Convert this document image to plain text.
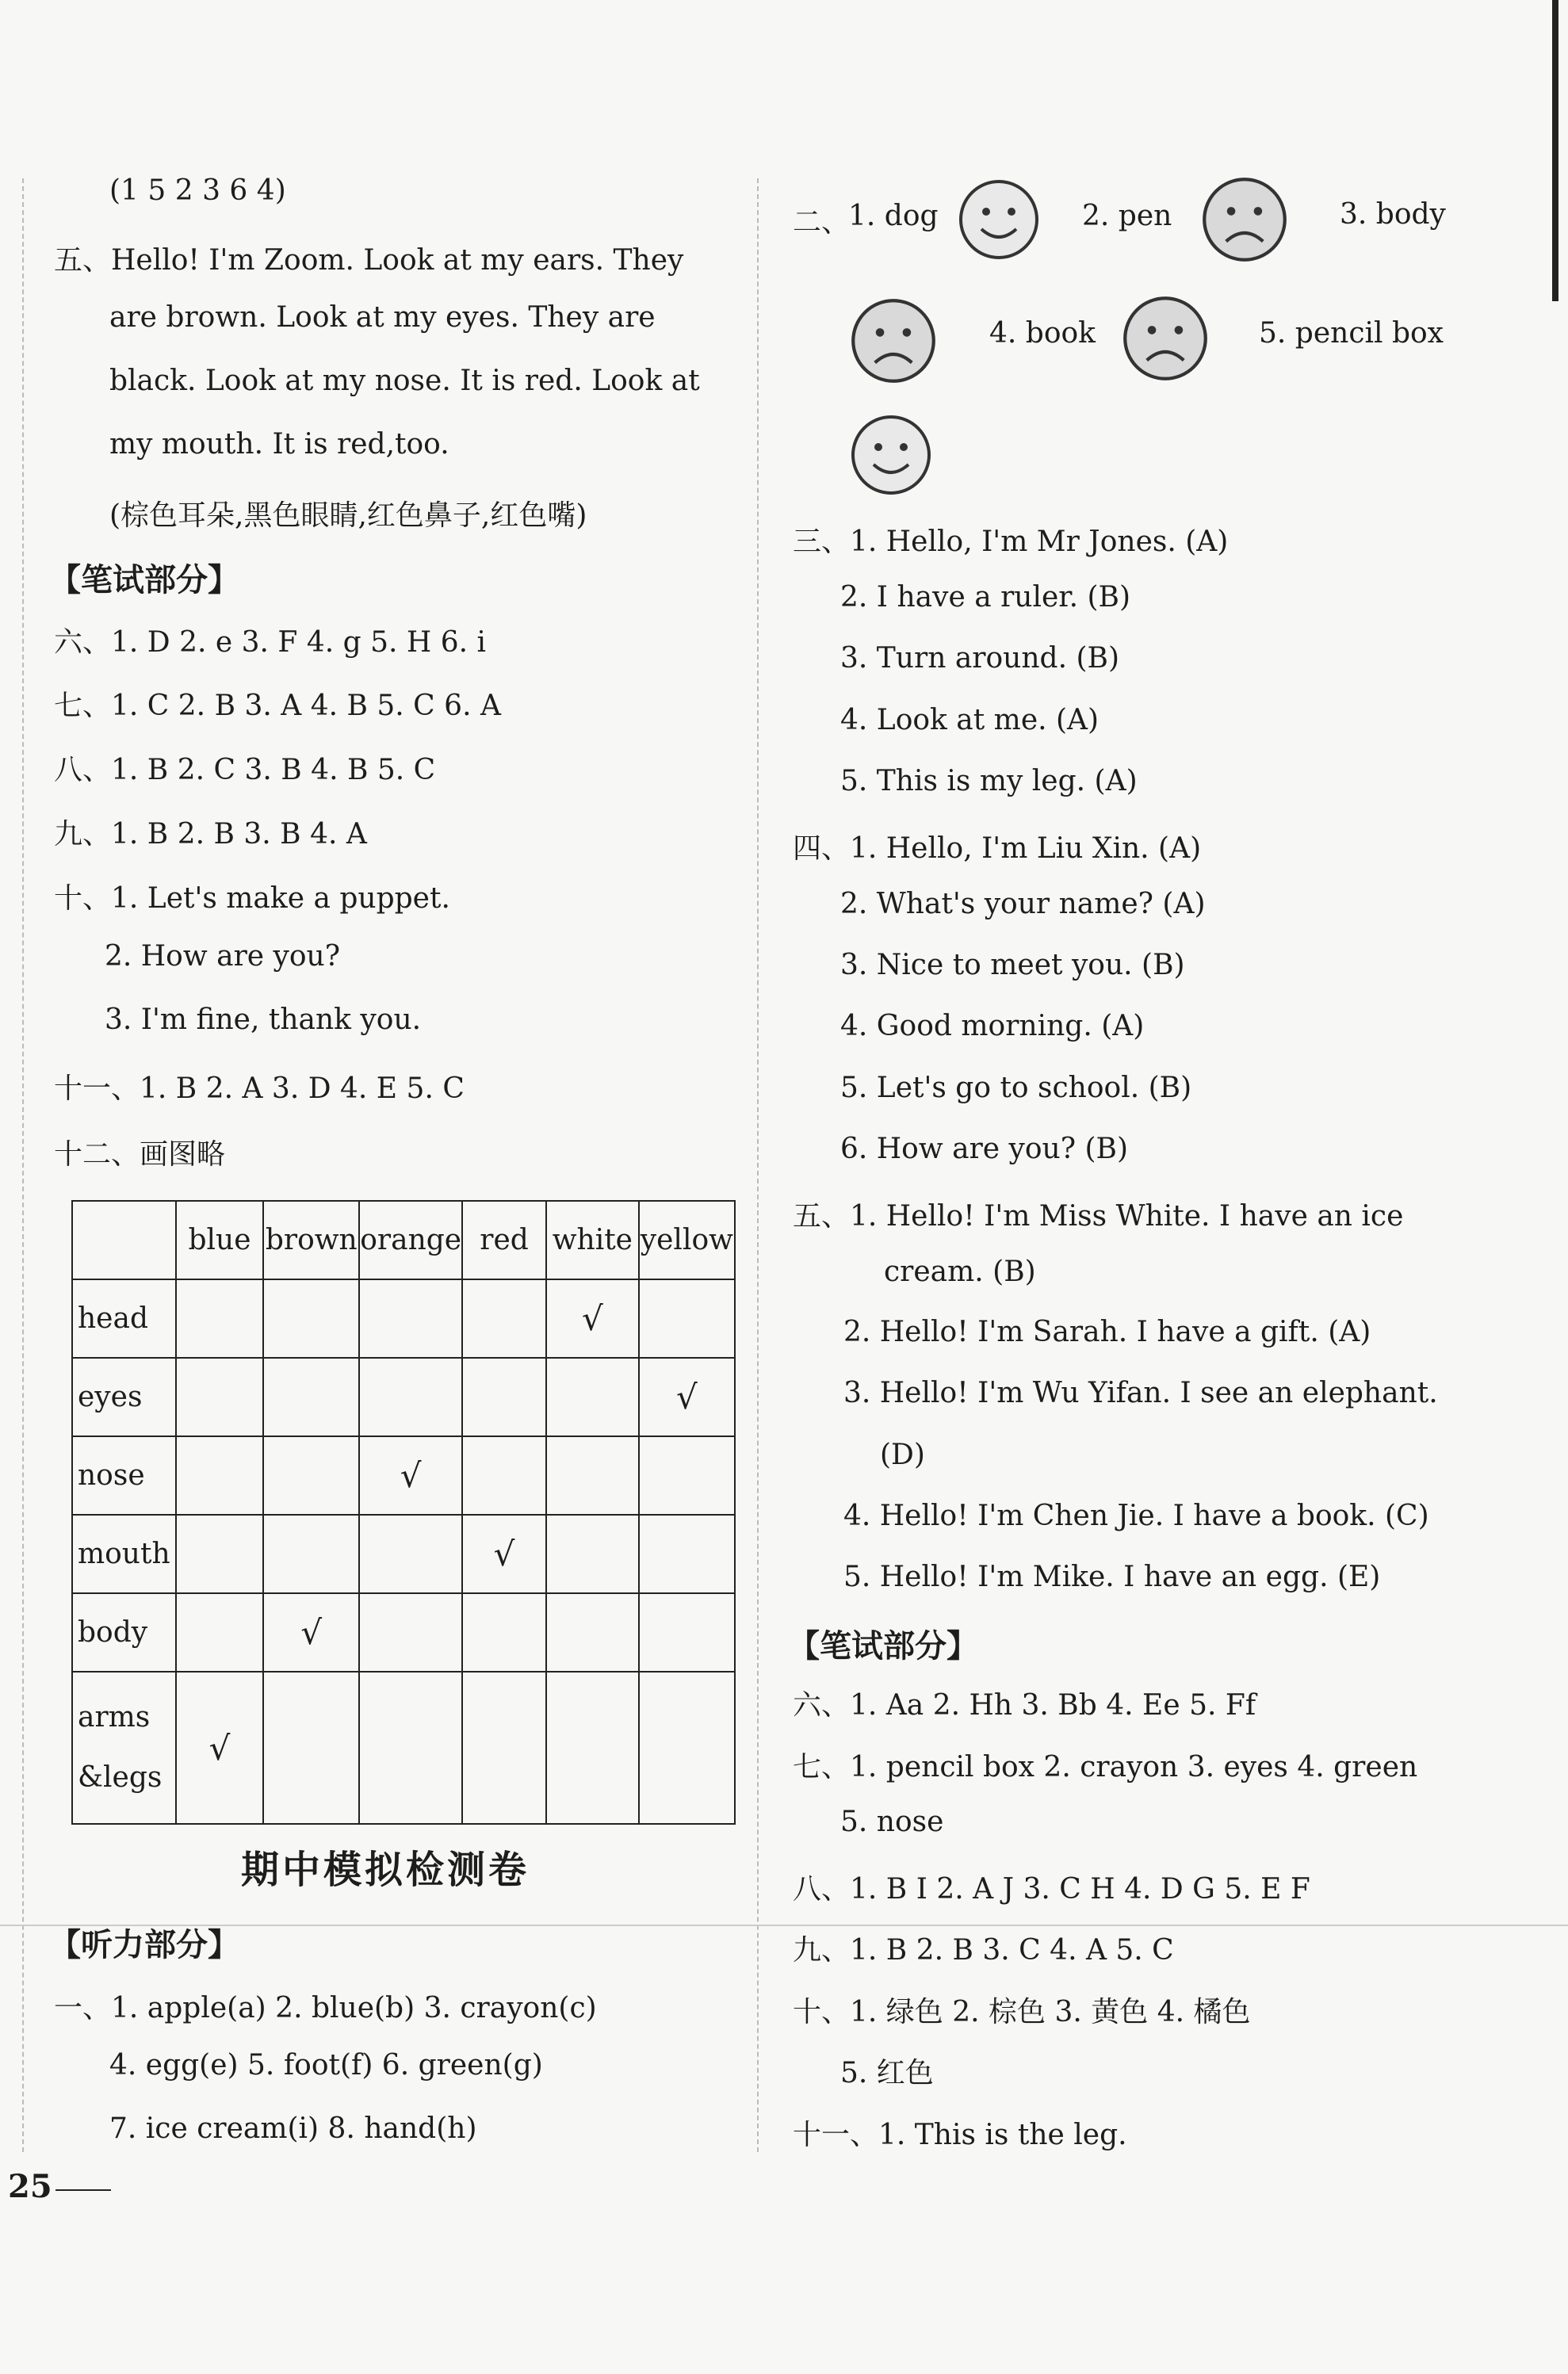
(1 5 2 3 6 4)
五、Hello! I'm Zoom. Look at my ears. They
are brown. Look at my eyes. They are
black. Look at my nose. It is red. Look at
my mouth. It is red,too.
(棕色耳朵,黑色眼睛,红色鼻子,红色嘴)
【笔试部分】
六、1. D 2. e 3. F 4. g 5. H 6. i
七、1. C 2. B 3. A 4. B 5. C 6. A
八、1. B 2. C 3. B 4. B 5. C
九、1. B 2. B 3. B 4. A
十、1. Let's make a puppet.
2. How are you?
3. I'm fine, thank you.
十一、1. B 2. A 3. D 4. E 5. C
十二、画图略
	blue	brown	orange	red	white	yellow
head					√	
eyes						√
nose			√			
mouth				√		
body		√				
arms &legs	√					
期中模拟检测卷
【听力部分】
一、1. apple(a) 2. blue(b) 3. crayon(c)
4. egg(e) 5. foot(f) 6. green(g)
7. ice cream(i) 8. hand(h)
二、
1. dog	2. pen	3. body
4. book	5. pencil box
三、1. Hello, I'm Mr Jones. (A)
2. I have a ruler. (B)
3. Turn around. (B)
4. Look at me. (A)
5. This is my leg. (A)
四、1. Hello, I'm Liu Xin. (A)
2. What's your name? (A)
3. Nice to meet you. (B)
4. Good morning. (A)
5. Let's go to school. (B)
6. How are you? (B)
五、1. Hello! I'm Miss White. I have an ice
cream. (B)
2. Hello! I'm Sarah. I have a gift. (A)
3. Hello! I'm Wu Yifan. I see an elephant.
(D)
4. Hello! I'm Chen Jie. I have a book. (C)
5. Hello! I'm Mike. I have an egg. (E)
【笔试部分】
六、1. Aa 2. Hh 3. Bb 4. Ee 5. Ff
七、1. pencil box 2. crayon 3. eyes 4. green
5. nose
八、1. B I 2. A J 3. C H 4. D G 5. E F
九、1. B 2. B 3. C 4. A 5. C
十、1. 绿色 2. 棕色 3. 黄色 4. 橘色
5. 红色
十一、1. This is the leg.
25
